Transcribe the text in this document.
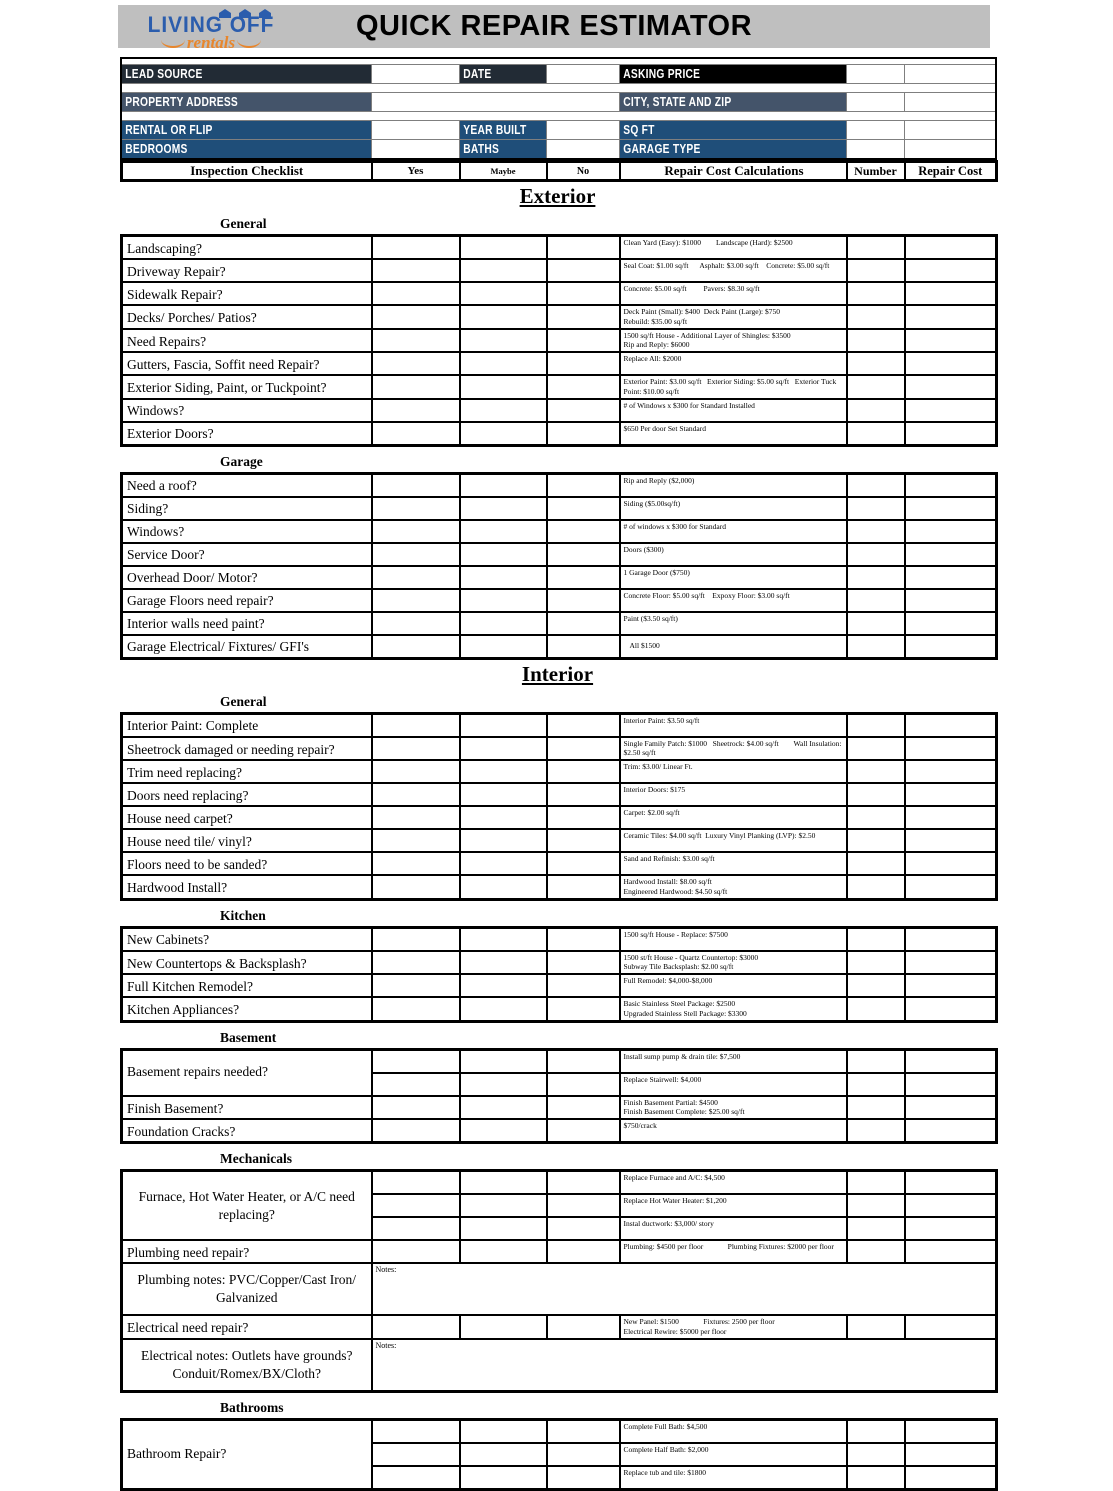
LIVING OFF
rentals
QUICK REPAIR ESTIMATOR

LEAD SOURCE		DATE		ASKING PRICE		

PROPERTY ADDRESS				CITY, STATE AND ZIP		

RENTAL OR FLIP		YEAR BUILT		SQ FT		
BEDROOMS		BATHS		GARAGE TYPE		
Inspection Checklist	Yes	Maybe	No	Repair Cost Calculations	Number	Repair Cost
Exterior
General
Landscaping?				Clean Yard (Easy): $1000        Landscape (Hard): $2500		

Driveway Repair?				Seal Coat: $1.00 sq/ft      Asphalt: $3.00 sq/ft    Concrete: $5.00 sq/ft		

Sidewalk Repair?				Concrete: $5.00 sq/ft         Pavers: $8.30 sq/ft		

Decks/ Porches/ Patios?				Deck Paint (Small): $400  Deck Paint (Large): $750
Rebuild: $35.00 sq/ft		

Need Repairs?				1500 sq/ft House - Additional Layer of Shingles: $3500
Rip and Reply: $6000		

Gutters, Fascia, Soffit need Repair?				Replace All: $2000		

Exterior Siding, Paint, or Tuckpoint?				Exterior Paint: $3.00 sq/ft   Exterior Siding: $5.00 sq/ft   Exterior Tuck Point: $10.00 sq/ft		

Windows?				# of Windows x $300 for Standard Installed		

Exterior Doors?				$650 Per door Set Standard		

Garage
Need a roof?				Rip and Reply ($2,000)		

Siding?				Siding ($5.00sq/ft)		

Windows?				# of windows x $300 for Standard		

Service Door?				Doors ($300)		

Overhead Door/ Motor?				1 Garage Door ($750)		

Garage Floors need repair?				Concrete Floor: $5.00 sq/ft    Expoxy Floor: $3.00 sq/ft		

Interior walls need paint?				Paint ($3.50 sq/ft)		

Garage Electrical/ Fixtures/ GFI's				All $1500		

Interior
General
Interior Paint: Complete				Interior Paint: $3.50 sq/ft		

Sheetrock damaged or needing repair?				Single Family Patch: $1000   Sheetrock: $4.00 sq/ft        Wall Insulation: $2.50 sq/ft		

Trim need replacing?				Trim: $3.00/ Linear Ft.		

Doors need replacing?				Interior Doors: $175		

House need carpet?				Carpet: $2.00 sq/ft		

House need tile/ vinyl?				Ceramic Tiles: $4.00 sq/ft  Luxury Vinyl Planking (LVP): $2.50		

Floors need to be sanded?				Sand and Refinish: $3.00 sq/ft		

Hardwood Install?				Hardwood Install: $8.00 sq/ft
Engineered Hardwood: $4.50 sq/ft		

Kitchen
New Cabinets?				1500 sq/ft House - Replace: $7500		

New Countertops & Backsplash?				1500 st/ft House - Quartz Countertop: $3000
Subway Tile Backsplash: $2.00 sq/ft		

Full Kitchen Remodel?				Full Remodel: $4,000-$8,000		

Kitchen Appliances?				Basic Stainless Steel Package: $2500
Upgraded Stainless Stell Package: $3300		

Basement
Basement repairs needed?				Install sump pump & drain tile: $7,500		

				Replace Stairwell: $4,000		

Finish Basement?				Finish Basement Partial: $4500
Finish Basement Complete: $25.00 sq/ft		

Foundation Cracks?				$750/crack		

Mechanicals
Furnace, Hot Water Heater, or A/C need replacing?				Replace Furnace and A/C: $4,500		

				Replace Hot Water Heater: $1,200		

				Instal ductwork: $3,000/ story		

Plumbing need repair?				Plumbing: $4500 per floor             Plumbing Fixtures: $2000 per floor		

Plumbing notes: PVC/Copper/Cast Iron/ Galvanized	Notes:					
Electrical need repair?				New Panel: $1500             Fixtures: 2500 per floor
Electrical Rewire: $5000 per floor		

Electrical notes: Outlets have grounds? Conduit/Romex/BX/Cloth?	Notes:					
Bathrooms
Bathroom Repair?				Complete Full Bath: $4,500		

				Complete Half Bath: $2,000		

				Replace tub and tile: $1800		
